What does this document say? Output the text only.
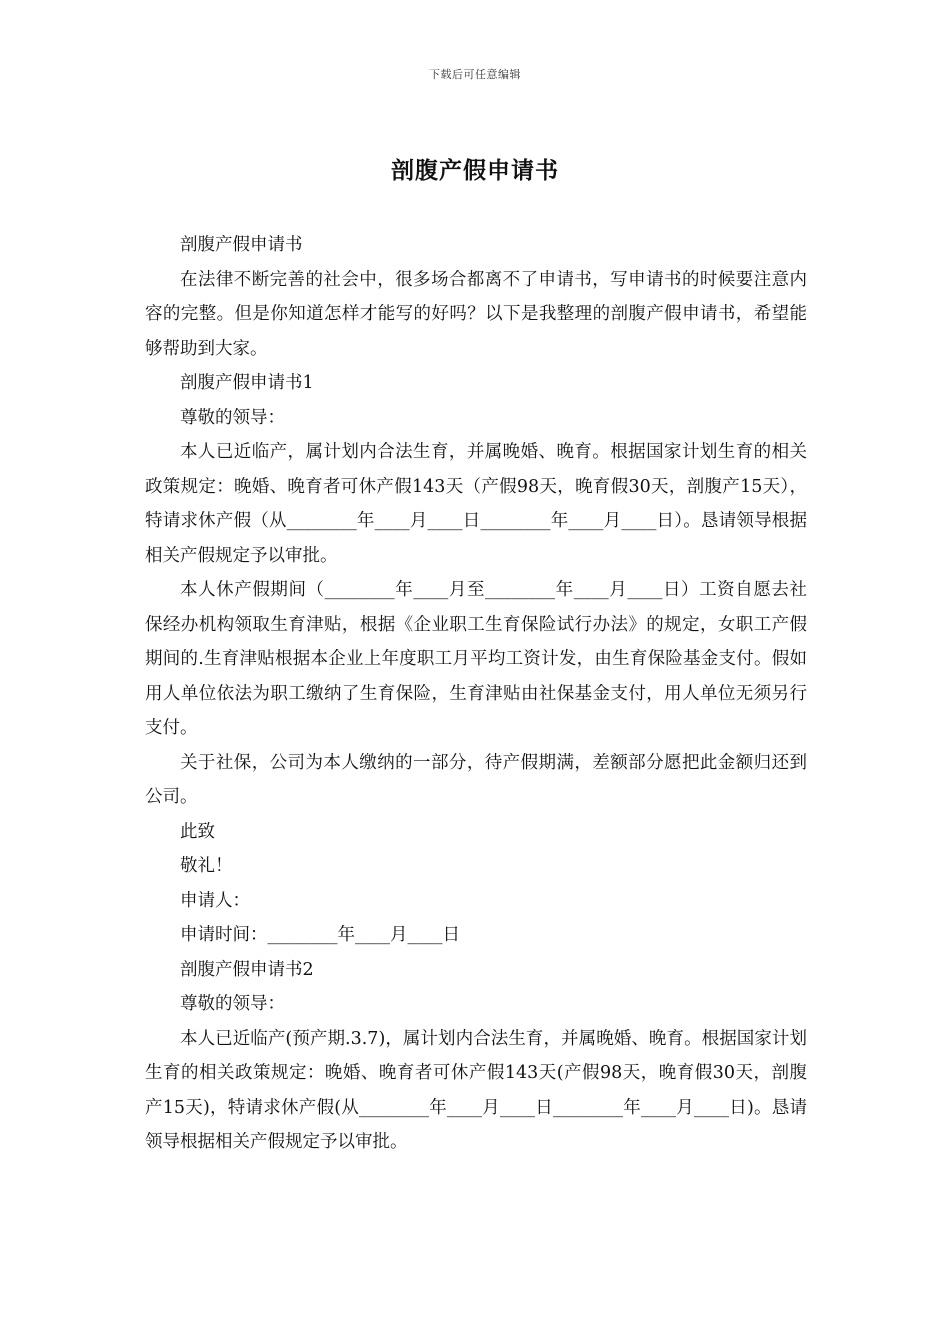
下载后可任意编辑
剖腹产假申请书

剖腹产假申请书

在法律不断完善的社会中，很多场合都离不了申请书，写申请书的时候要注意内容的完整。但是你知道怎样才能写的好吗？以下是我整理的剖腹产假申请书，希望能够帮助到大家。

剖腹产假申请书1

尊敬的领导：

本人已近临产，属计划内合法生育，并属晚婚、晚育。根据国家计划生育的相关政策规定：晚婚、晚育者可休产假143天（产假98天，晚育假30天，剖腹产15天），特请求休产假（从________年____月____日________年____月____日）。恳请领导根据相关产假规定予以审批。

本人休产假期间（________年____月至________年____月____日）工资自愿去社保经办机构领取生育津贴，根据《企业职工生育保险试行办法》的规定，女职工产假期间的.生育津贴根据本企业上年度职工月平均工资计发，由生育保险基金支付。假如用人单位依法为职工缴纳了生育保险，生育津贴由社保基金支付，用人单位无须另行支付。

关于社保，公司为本人缴纳的一部分，待产假期满，差额部分愿把此金额归还到公司。

此致

敬礼！

申请人：

申请时间：________年____月____日

剖腹产假申请书2

尊敬的领导：

本人已近临产(预产期.3.7)，属计划内合法生育，并属晚婚、晚育。根据国家计划生育的相关政策规定：晚婚、晚育者可休产假143天(产假98天，晚育假30天，剖腹产15天)，特请求休产假(从________年____月____日________年____月____日)。恳请领导根据相关产假规定予以审批。
